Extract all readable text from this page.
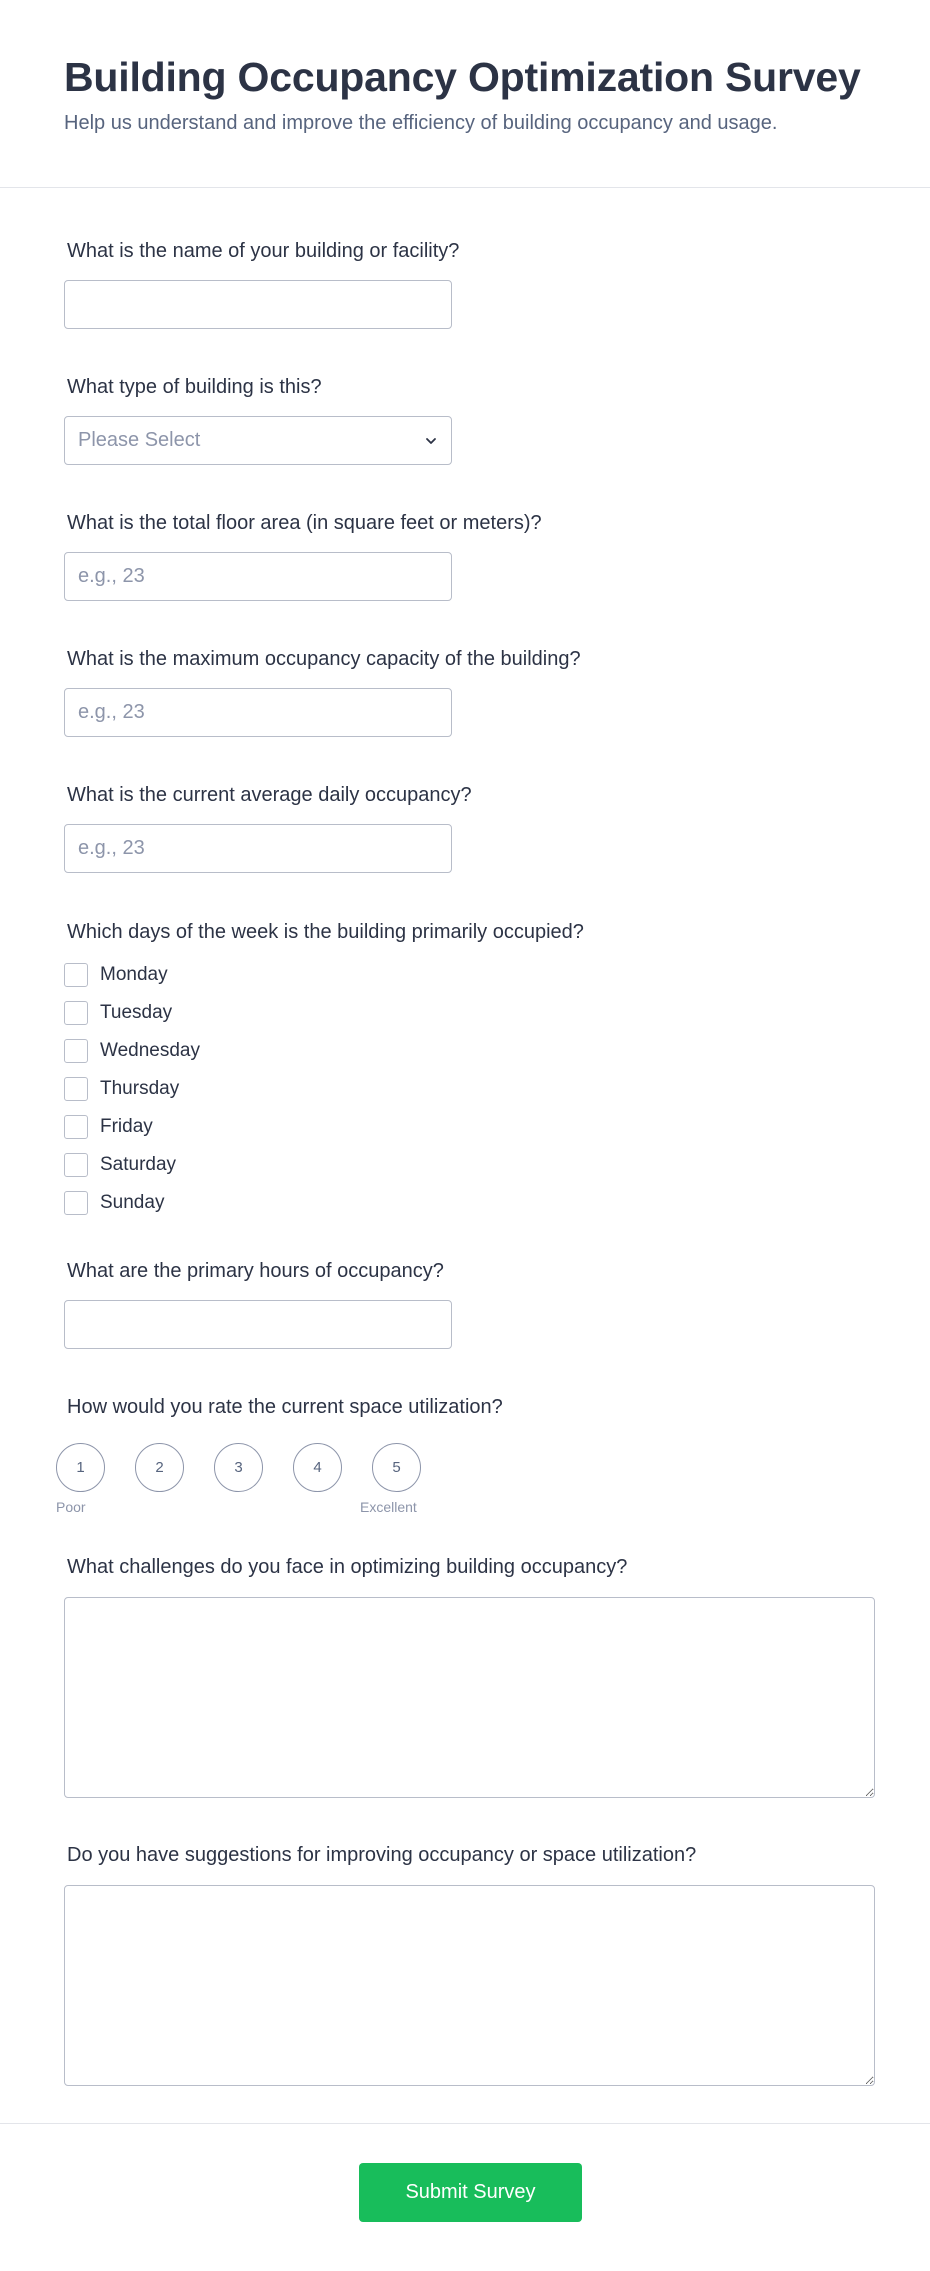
Building Occupancy Optimization Survey

Help us understand and improve the efficiency of building occupancy and usage.

What is the name of your building or facility?
What type of building is this?
Please Select
What is the total floor area (in square feet or meters)?
e.g., 23
What is the maximum occupancy capacity of the building?
e.g., 23
What is the current average daily occupancy?
e.g., 23
Which days of the week is the building primarily occupied?
Monday
Tuesday
Wednesday
Thursday
Friday
Saturday
Sunday
What are the primary hours of occupancy?
How would you rate the current space utilization?
1	2	3	4	5
Poor	Excellent
What challenges do you face in optimizing building occupancy?
Do you have suggestions for improving occupancy or space utilization?
Submit Survey
